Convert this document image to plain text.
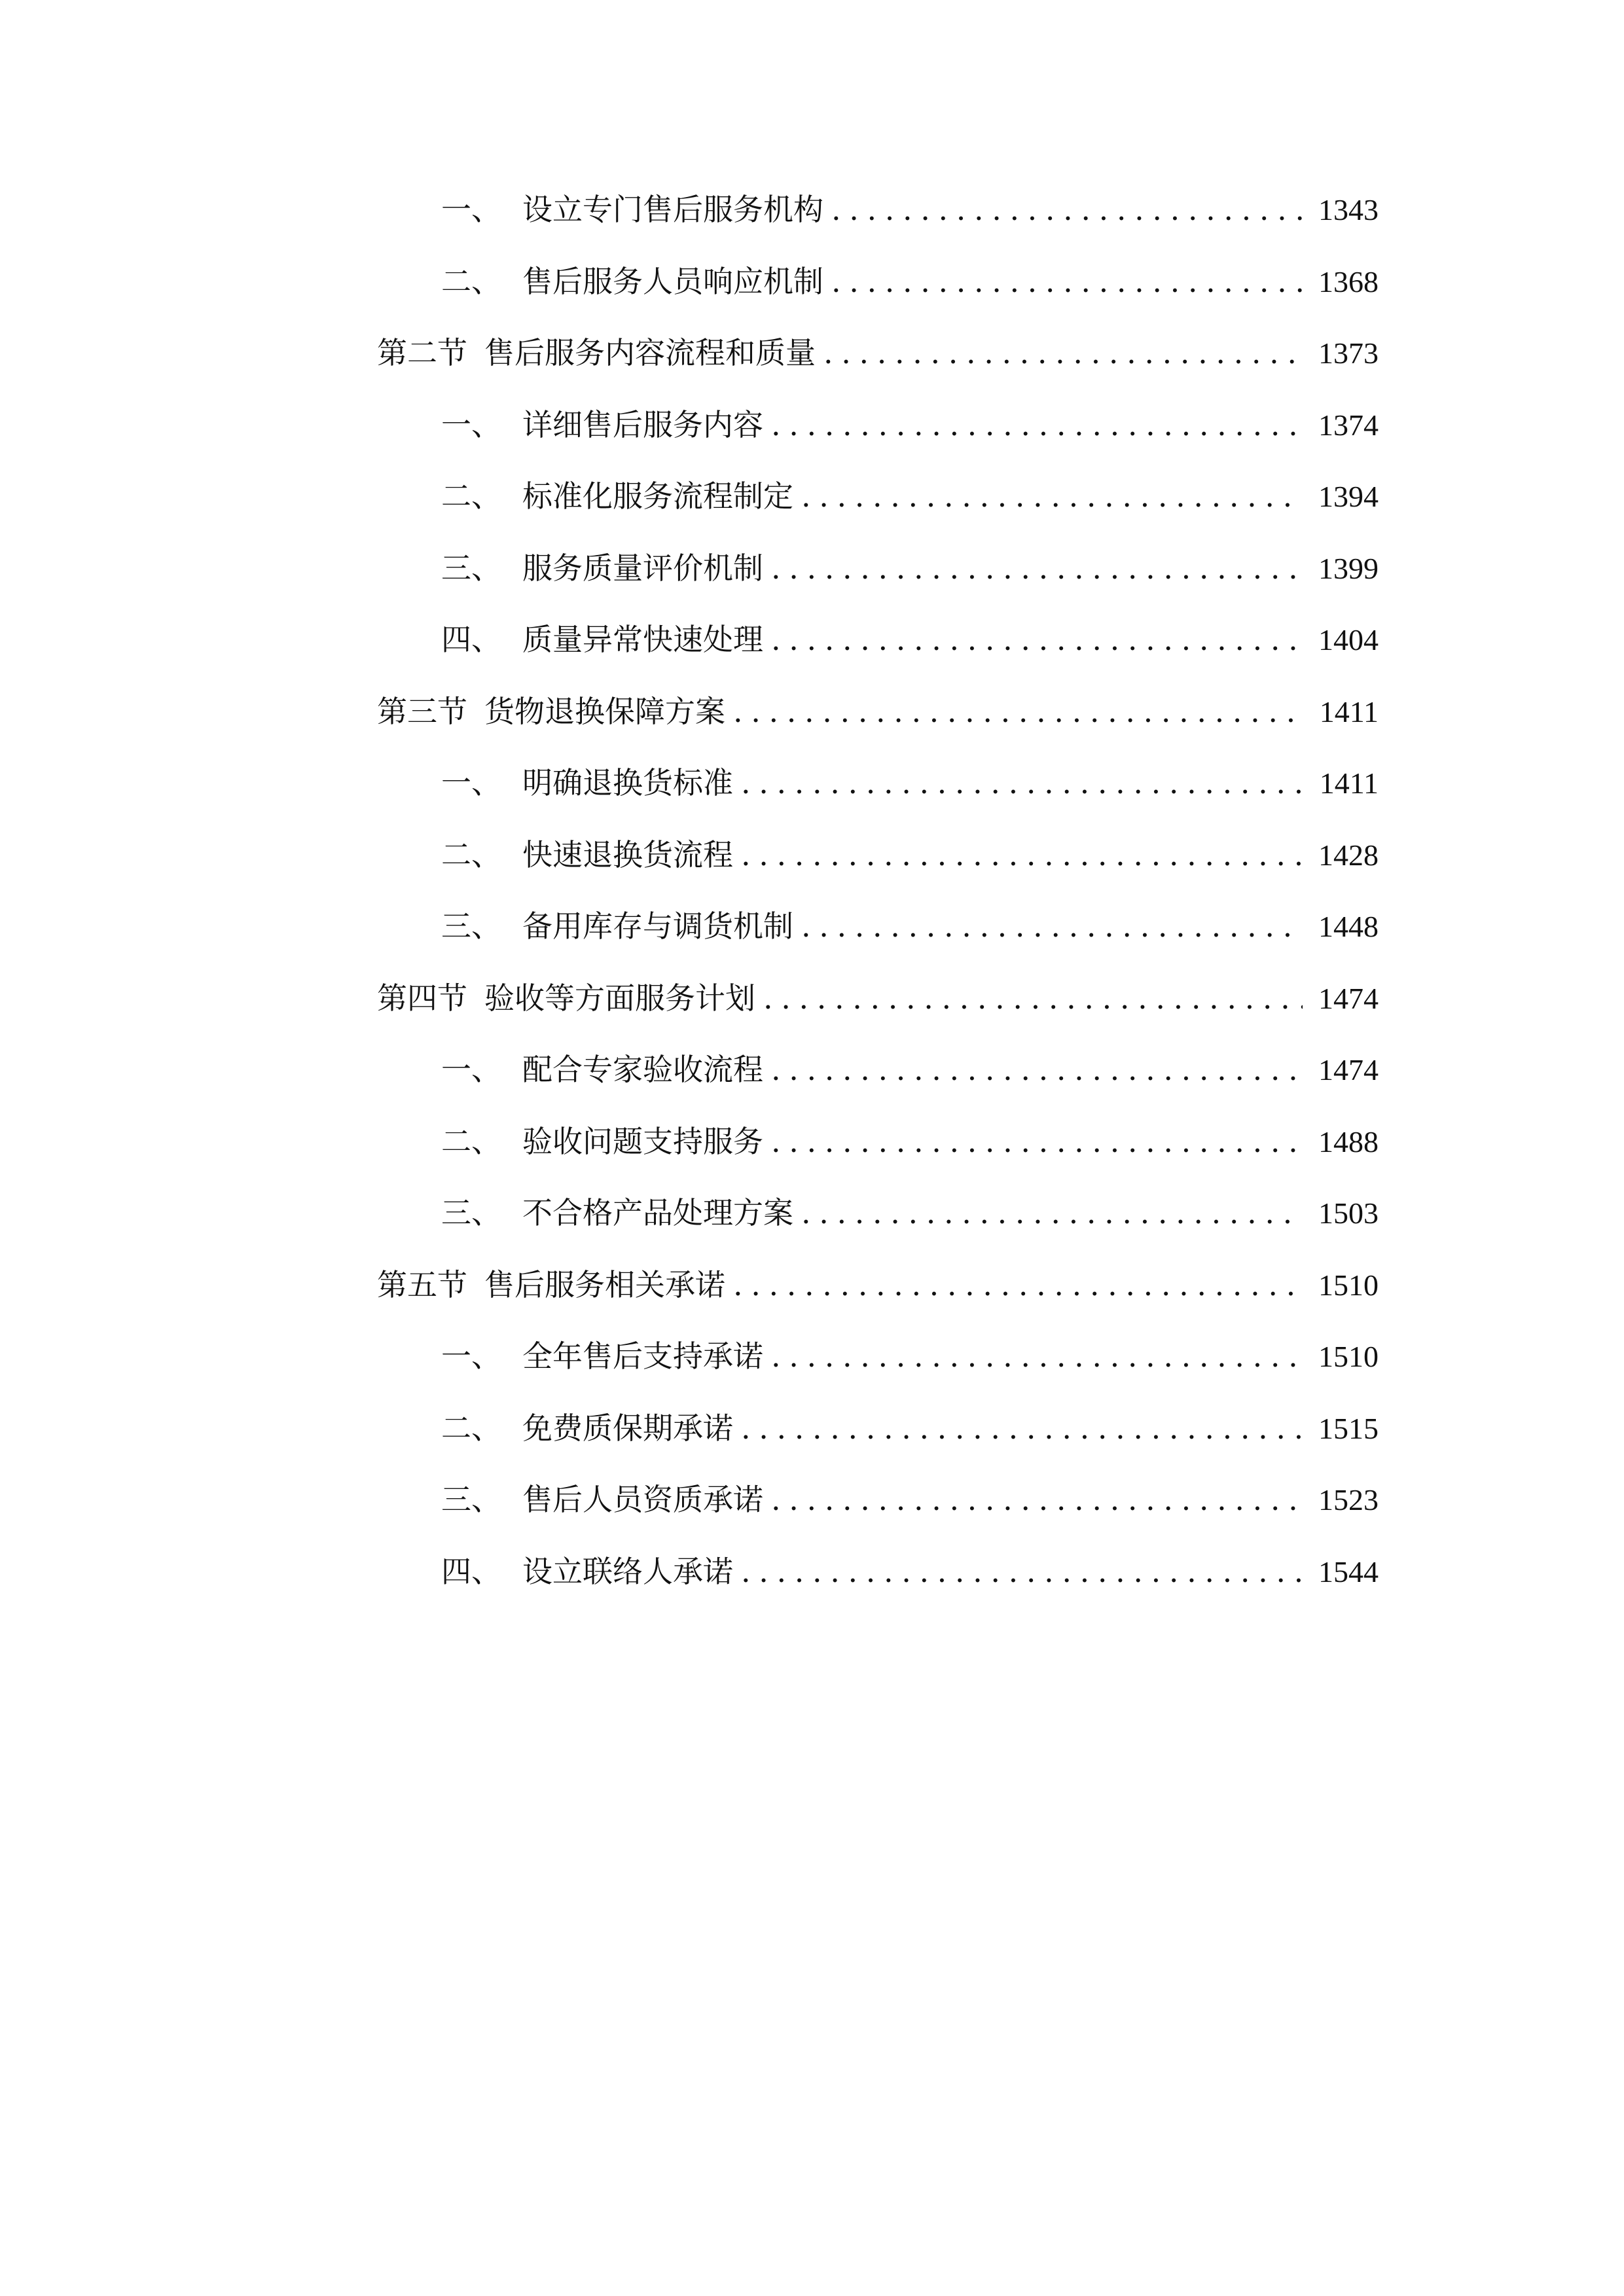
一、 设立专门售后服务机构 . . .	1343
二、 售后服务人员响应机制 . . .	1368
第二节 售后服务内容流程和质量 . . .	1373
一、 详细售后服务内容 . . .	1374
二、 标准化服务流程制定 . . .	1394
三、 服务质量评价机制 . . .	1399
四、 质量异常快速处理 . . .	1404
第三节 货物退换保障方案 . . .	1411
一、 明确退换货标准 . . .	1411
二、 快速退换货流程 . . .	1428
三、 备用库存与调货机制 . . .	1448
第四节 验收等方面服务计划 . . .	1474
一、 配合专家验收流程 . . .	1474
二、 验收问题支持服务 . . .	1488
三、 不合格产品处理方案 . . .	1503
第五节 售后服务相关承诺 . . .	1510
一、 全年售后支持承诺 . . .	1510
二、 免费质保期承诺 . . .	1515
三、 售后人员资质承诺 . . .	1523
四、 设立联络人承诺 . . .	1544
